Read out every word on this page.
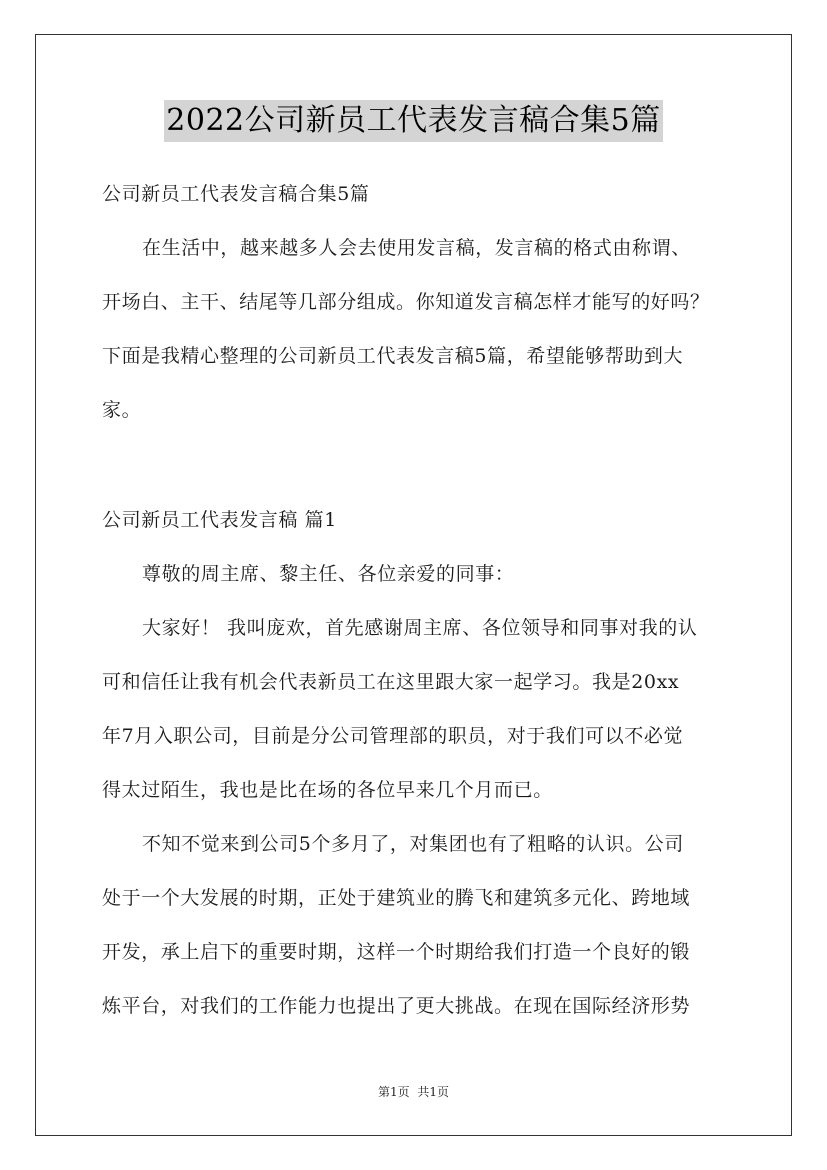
2022公司新员工代表发言稿合集5篇
公司新员工代表发言稿合集5篇
在生活中，越来越多人会去使用发言稿，发言稿的格式由称谓、
开场白、主干、结尾等几部分组成。你知道发言稿怎样才能写的好吗？
下面是我精心整理的公司新员工代表发言稿5篇，希望能够帮助到大
家。
公司新员工代表发言稿 篇1
尊敬的周主席、黎主任、各位亲爱的同事：
大家好！ 我叫庞欢，首先感谢周主席、各位领导和同事对我的认
可和信任让我有机会代表新员工在这里跟大家一起学习。我是20xx
年7月入职公司，目前是分公司管理部的职员，对于我们可以不必觉
得太过陌生，我也是比在场的各位早来几个月而已。
不知不觉来到公司5个多月了，对集团也有了粗略的认识。公司
处于一个大发展的时期，正处于建筑业的腾飞和建筑多元化、跨地域
开发，承上启下的重要时期，这样一个时期给我们打造一个良好的锻
炼平台，对我们的工作能力也提出了更大挑战。在现在国际经济形势
第1页 共1页
